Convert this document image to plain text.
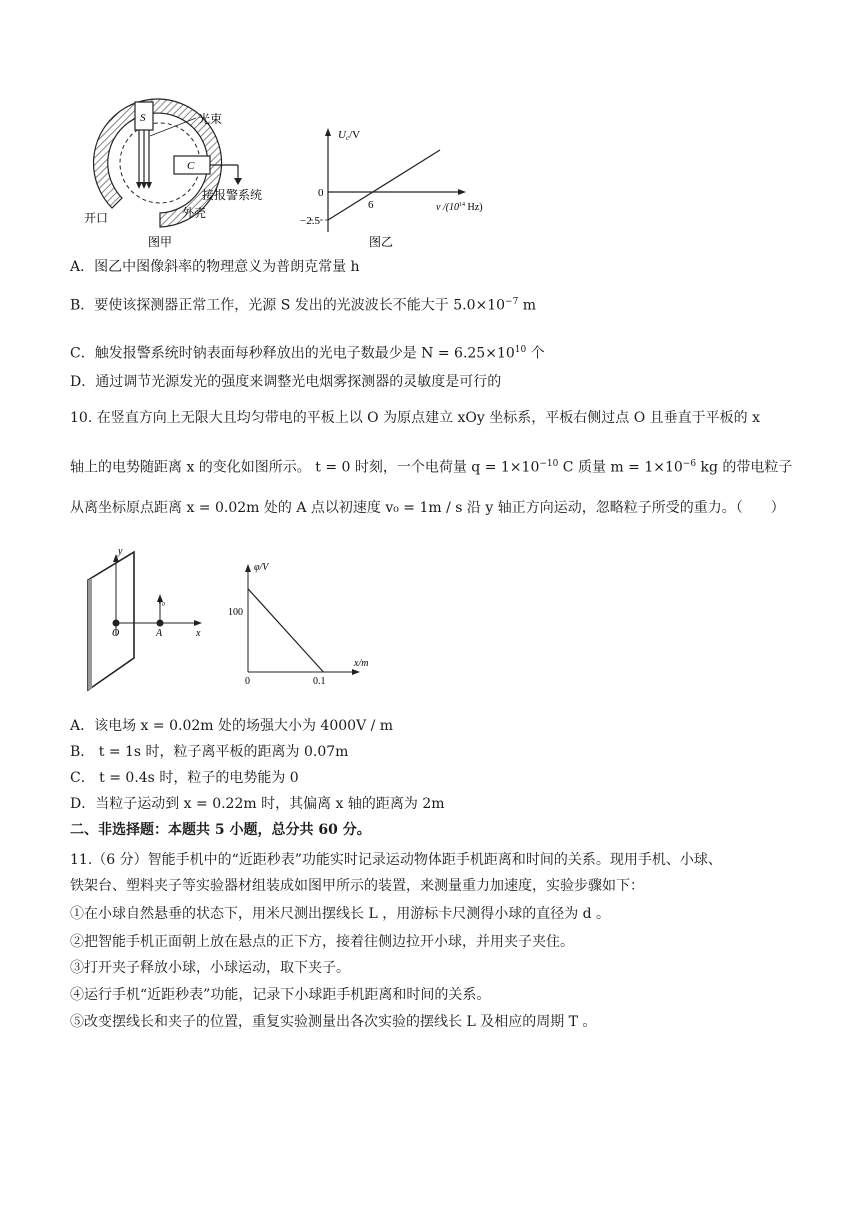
S	光束
C
接报警系统
开口	外壳
图甲
Uc/V
0
−2.5
6	ν $/(10^{14}$ Hz)
图乙
A．图乙中图像斜率的物理意义为普朗克常量 h
B．要使该探测器正常工作，光源 S 发出的光波波长不能大于 $5.0\times 10^{-7}$ m
C．触发报警系统时钠表面每秒释放出的光电子数最少是 $N = 6.25\times 10^{10}$ 个
D．通过调节光源发光的强度来调整光电烟雾探测器的灵敏度是可行的
10. 在竖直方向上无限大且均匀带电的平板上以 O 为原点建立 xOy 坐标系，平板右侧过点 O 且垂直于平板的 x
轴上的电势随距离 x 的变化如图所示。 t = 0 时刻，一个电荷量 $q = 1\times 10^{-10}$ C 质量 $m = 1\times 10^{-6}$ kg 的带电粒子
从离坐标原点距离 x = 0.02m 处的 A 点以初速度 v₀ = 1m / s 沿 y 轴正方向运动，忽略粒子所受的重力。（　　）
y
v₀
O	A	x
φ/V
100
0	0.1
x/m
A．该电场 x = 0.02m 处的场强大小为 4000V / m
B． t = 1s 时，粒子离平板的距离为 0.07m
C． t = 0.4s 时，粒子的电势能为 0
D．当粒子运动到 x = 0.22m 时，其偏离 x 轴的距离为 2m
二、非选择题：本题共 5 小题，总分共 60 分。
11.（6 分）智能手机中的“近距秒表”功能实时记录运动物体距手机距离和时间的关系。现用手机、小球、
铁架台、塑料夹子等实验器材组装成如图甲所示的装置，来测量重力加速度，实验步骤如下：
①在小球自然悬垂的状态下，用米尺测出摆线长 L ，用游标卡尺测得小球的直径为 d 。
②把智能手机正面朝上放在悬点的正下方，接着往侧边拉开小球，并用夹子夹住。
③打开夹子释放小球，小球运动，取下夹子。
④运行手机“近距秒表”功能，记录下小球距手机距离和时间的关系。
⑤改变摆线长和夹子的位置，重复实验测量出各次实验的摆线长 L 及相应的周期 T 。
